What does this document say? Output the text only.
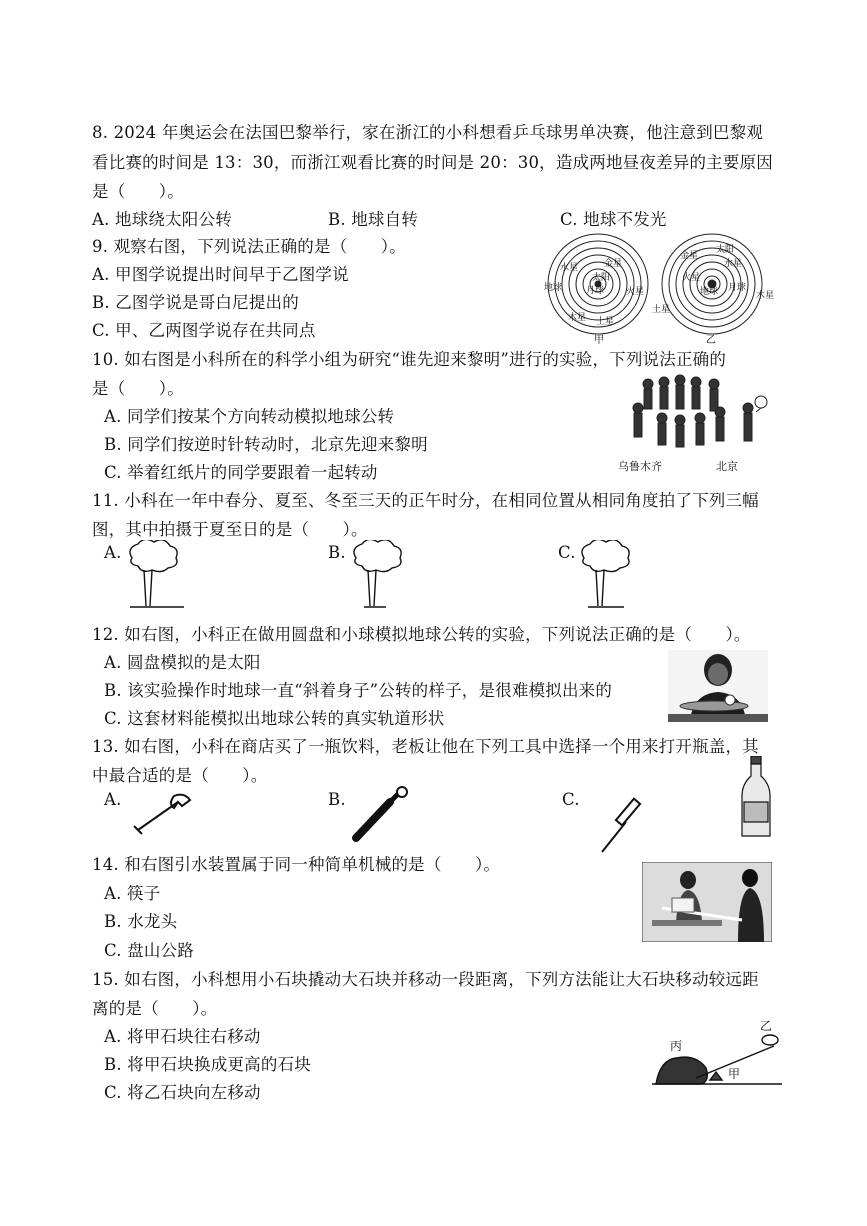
8. 2024 年奥运会在法国巴黎举行，家在浙江的小科想看乒乓球男单决赛，他注意到巴黎观
看比赛的时间是 13：30，而浙江观看比赛的时间是 20：30，造成两地昼夜差异的主要原因
是（　　）。
A. 地球绕太阳公转	B. 地球自转	C. 地球不发光
9. 观察右图，下列说法正确的是（　　）。
A. 甲图学说提出时间早于乙图学说
B. 乙图学说是哥白尼提出的
C. 甲、乙两图学说存在共同点
水星	金星
太阳
月球
地球	火星
木星 土星
甲
金星
太阳
水星
火星
地球 月球
木星
土星
乙
10. 如右图是小科所在的科学小组为研究“谁先迎来黎明”进行的实验，下列说法正确的
是（　　）。
A. 同学们按某个方向转动模拟地球公转
B. 同学们按逆时针转动时，北京先迎来黎明
C. 举着红纸片的同学要跟着一起转动	乌鲁木齐	北京
11. 小科在一年中春分、夏至、冬至三天的正午时分，在相同位置从相同角度拍了下列三幅
图，其中拍摄于夏至日的是（　　）。
A.	B.	C.
12. 如右图，小科正在做用圆盘和小球模拟地球公转的实验，下列说法正确的是（　　）。
A. 圆盘模拟的是太阳
B. 该实验操作时地球一直“斜着身子”公转的样子，是很难模拟出来的
C. 这套材料能模拟出地球公转的真实轨道形状
13. 如右图，小科在商店买了一瓶饮料，老板让他在下列工具中选择一个用来打开瓶盖，其
中最合适的是（　　）。
A.	B.	C.
14. 和右图引水装置属于同一种简单机械的是（　　）。
A. 筷子
B. 水龙头
C. 盘山公路
15. 如右图，小科想用小石块撬动大石块并移动一段距离，下列方法能让大石块移动较远距
离的是（　　）。
A. 将甲石块往右移动
B. 将甲石块换成更高的石块
C. 将乙石块向左移动
丙
乙
甲
